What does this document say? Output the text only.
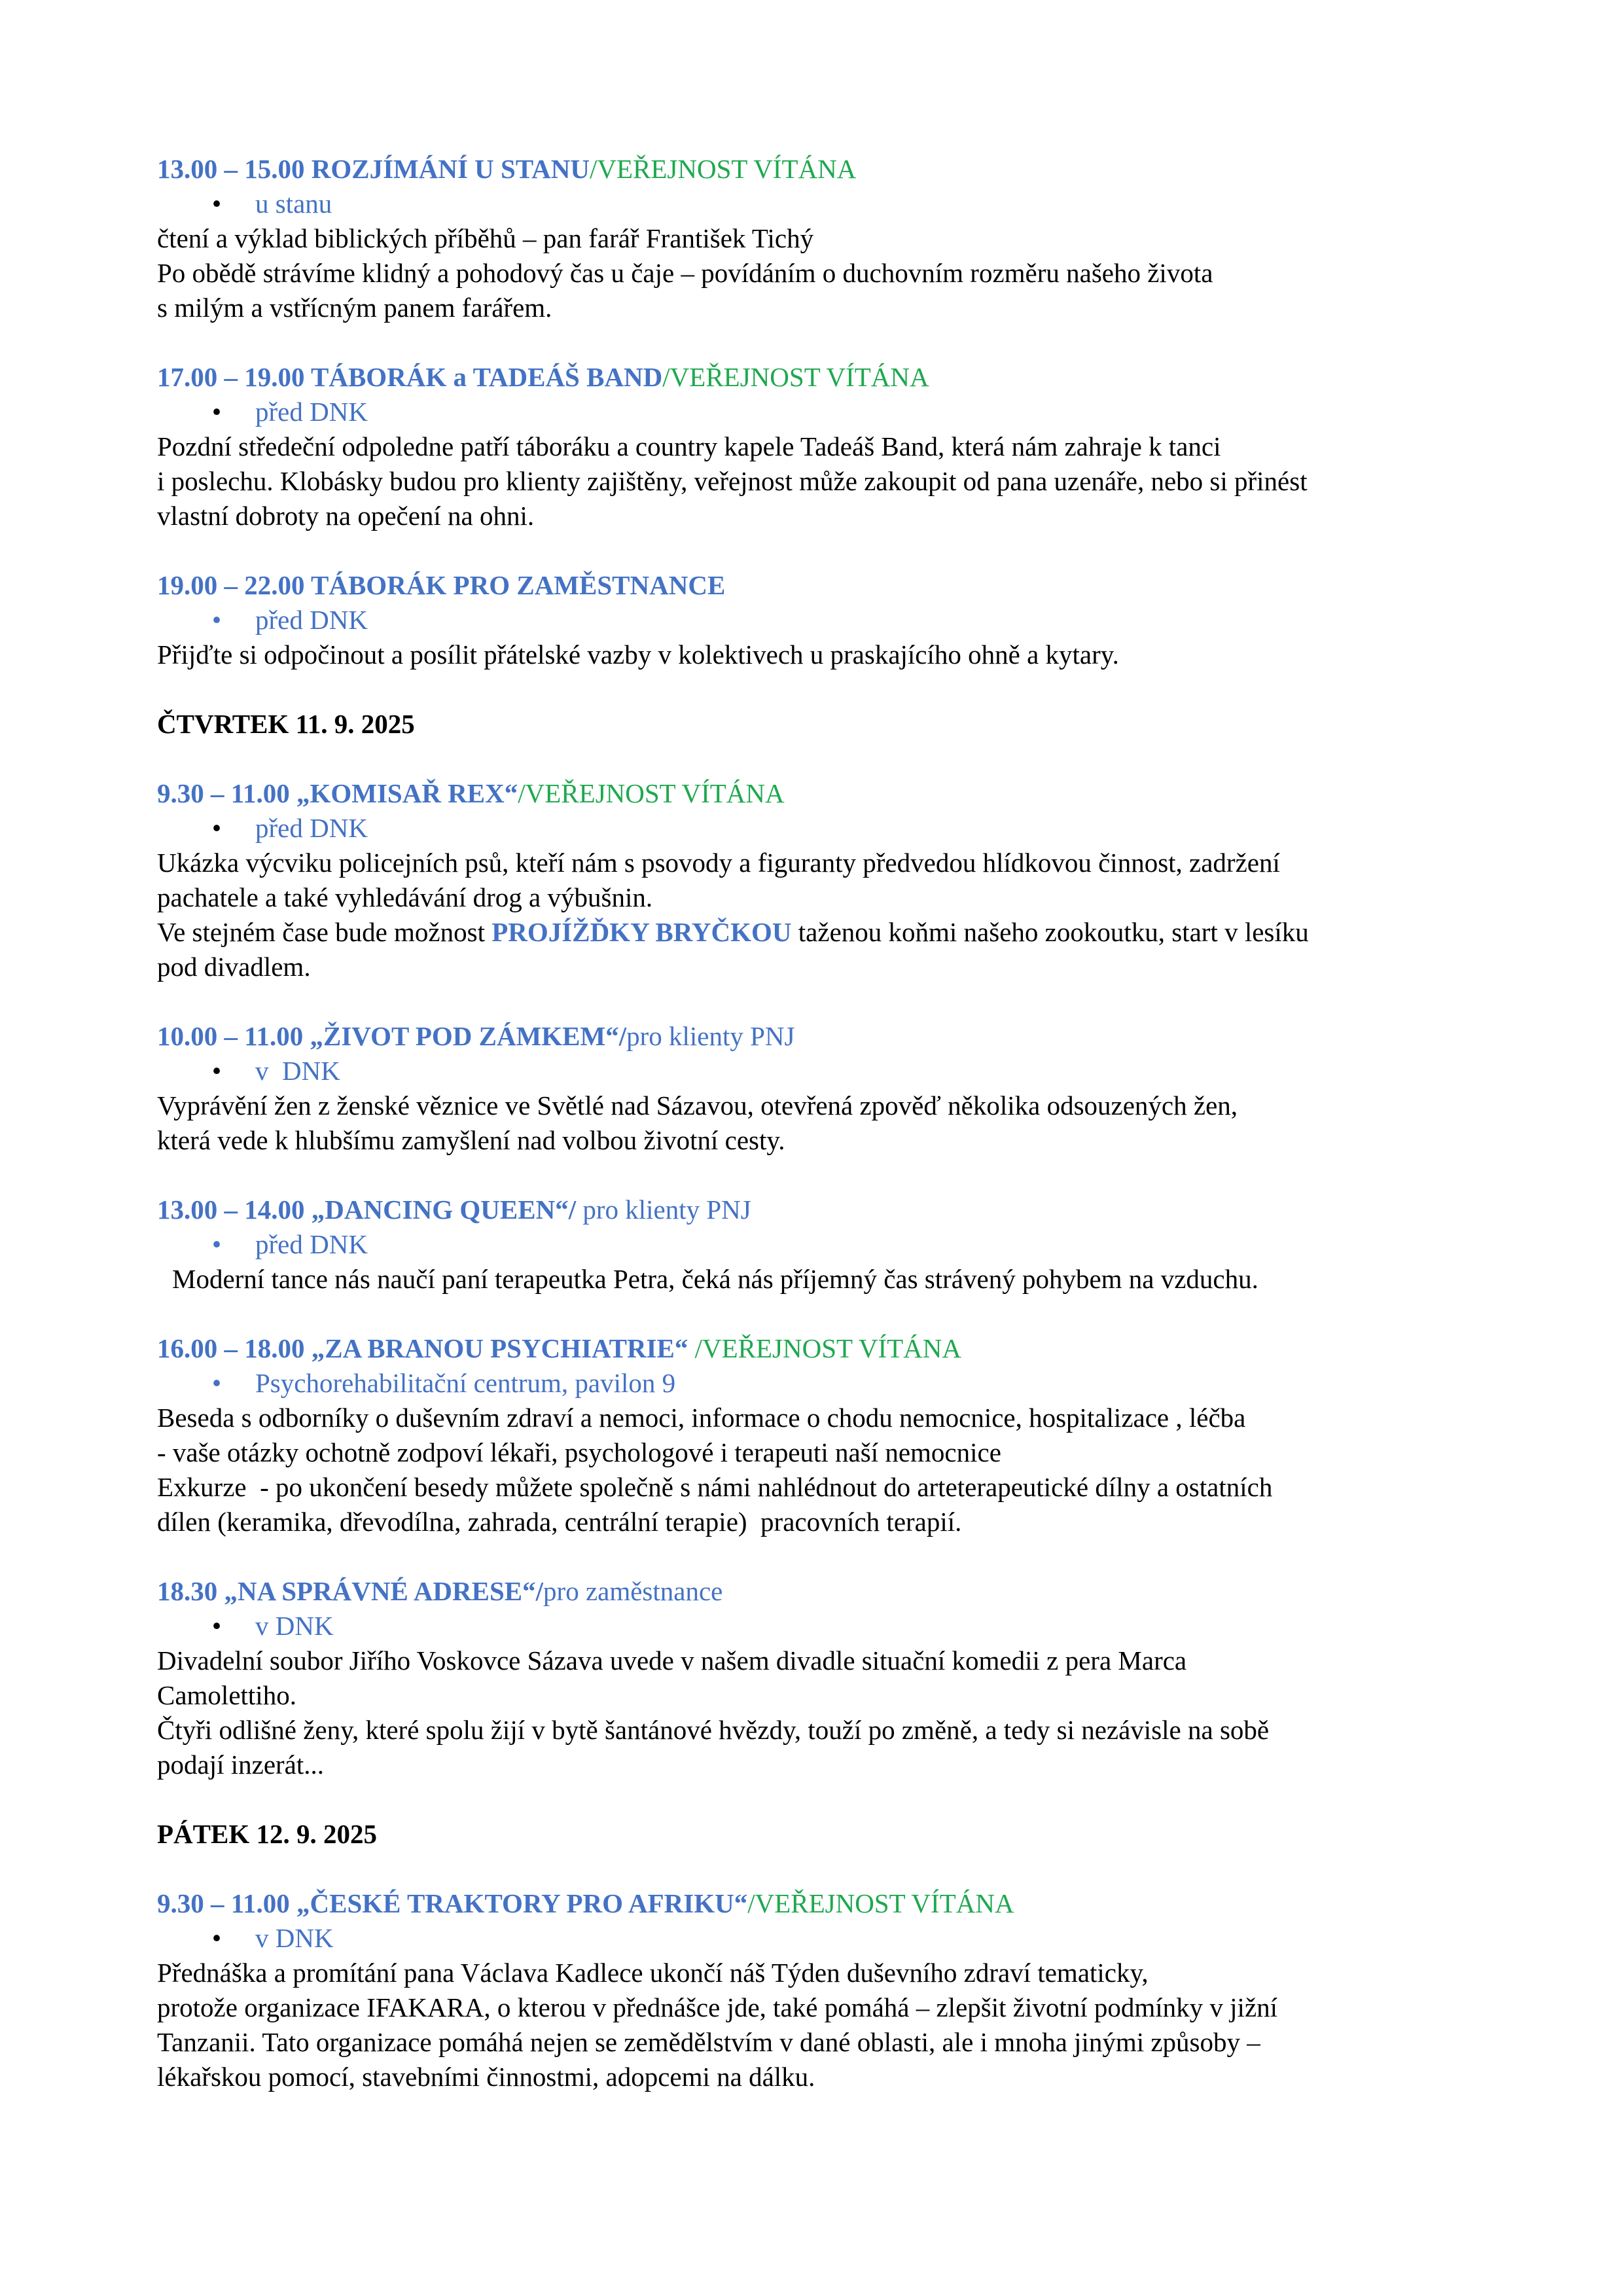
13.00 – 15.00 ROZJÍMÁNÍ U STANU/VEŘEJNOST VÍTÁNA
•	u stanu
čtení a výklad biblických příběhů – pan farář František Tichý
Po obědě strávíme klidný a pohodový čas u čaje – povídáním o duchovním rozměru našeho života
s milým a vstřícným panem farářem.
17.00 – 19.00 TÁBORÁK a TADEÁŠ BAND/VEŘEJNOST VÍTÁNA
•	před DNK
Pozdní středeční odpoledne patří táboráku a country kapele Tadeáš Band, která nám zahraje k tanci
i poslechu. Klobásky budou pro klienty zajištěny, veřejnost může zakoupit od pana uzenáře, nebo si přinést
vlastní dobroty na opečení na ohni.
19.00 – 22.00 TÁBORÁK PRO ZAMĚSTNANCE
•	před DNK
Přijďte si odpočinout a posílit přátelské vazby v kolektivech u praskajícího ohně a kytary.
ČTVRTEK 11. 9. 2025
9.30 – 11.00 „KOMISAŘ REX“/VEŘEJNOST VÍTÁNA
•	před DNK
Ukázka výcviku policejních psů, kteří nám s psovody a figuranty předvedou hlídkovou činnost, zadržení
pachatele a také vyhledávání drog a výbušnin.
Ve stejném čase bude možnost PROJÍŽĎKY BRYČKOU taženou koňmi našeho zookoutku, start v lesíku
pod divadlem.
10.00 – 11.00 „ŽIVOT POD ZÁMKEM“/pro klienty PNJ
•	v  DNK
Vyprávění žen z ženské věznice ve Světlé nad Sázavou, otevřená zpověď několika odsouzených žen,
která vede k hlubšímu zamyšlení nad volbou životní cesty.
13.00 – 14.00 „DANCING QUEEN“/ pro klienty PNJ
•	před DNK
Moderní tance nás naučí paní terapeutka Petra, čeká nás příjemný čas strávený pohybem na vzduchu.
16.00 – 18.00 „ZA BRANOU PSYCHIATRIE“ /VEŘEJNOST VÍTÁNA
•	Psychorehabilitační centrum, pavilon 9
Beseda s odborníky o duševním zdraví a nemoci, informace o chodu nemocnice, hospitalizace , léčba
- vaše otázky ochotně zodpoví lékaři, psychologové i terapeuti naší nemocnice
Exkurze  - po ukončení besedy můžete společně s námi nahlédnout do arteterapeutické dílny a ostatních
dílen (keramika, dřevodílna, zahrada, centrální terapie)  pracovních terapií.
18.30 „NA SPRÁVNÉ ADRESE“/pro zaměstnance
•	v DNK
Divadelní soubor Jiřího Voskovce Sázava uvede v našem divadle situační komedii z pera Marca
Camolettiho.
Čtyři odlišné ženy, které spolu žijí v bytě šantánové hvězdy, touží po změně, a tedy si nezávisle na sobě
podají inzerát...
PÁTEK 12. 9. 2025
9.30 – 11.00 „ČESKÉ TRAKTORY PRO AFRIKU“/VEŘEJNOST VÍTÁNA
•	v DNK
Přednáška a promítání pana Václava Kadlece ukončí náš Týden duševního zdraví tematicky,
protože organizace IFAKARA, o kterou v přednášce jde, také pomáhá – zlepšit životní podmínky v jižní
Tanzanii. Tato organizace pomáhá nejen se zemědělstvím v dané oblasti, ale i mnoha jinými způsoby –
lékařskou pomocí, stavebními činnostmi, adopcemi na dálku.
